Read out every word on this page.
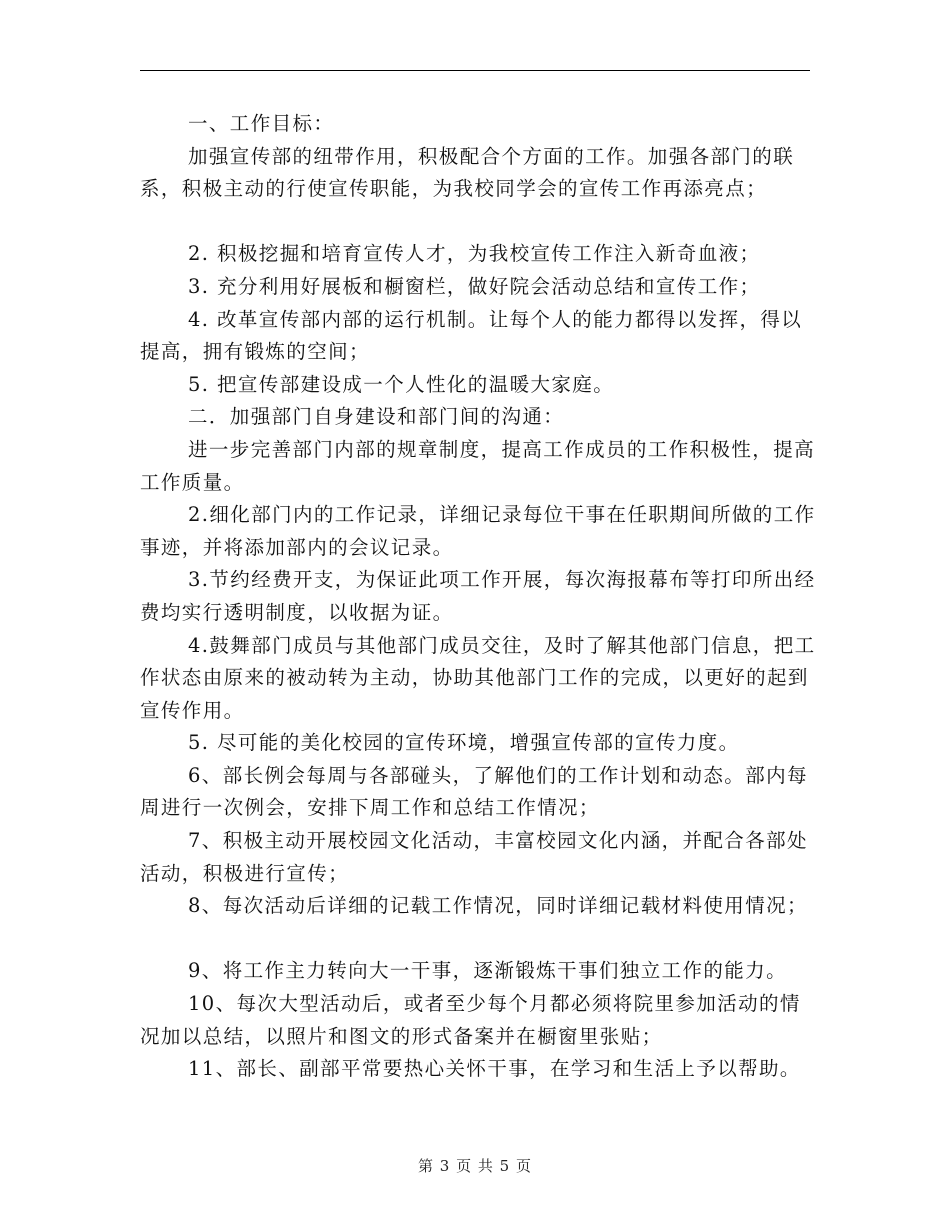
一、工作目标：

加强宣传部的纽带作用，积极配合个方面的工作。加强各部门的联系，积极主动的行使宣传职能，为我校同学会的宣传工作再添亮点；

2. 积极挖掘和培育宣传人才，为我校宣传工作注入新奇血液；

3. 充分利用好展板和橱窗栏，做好院会活动总结和宣传工作；

4. 改革宣传部内部的运行机制。让每个人的能力都得以发挥，得以提高，拥有锻炼的空间；

5. 把宣传部建设成一个人性化的温暖大家庭。

二．加强部门自身建设和部门间的沟通：

进一步完善部门内部的规章制度，提高工作成员的工作积极性，提高工作质量。

2.细化部门内的工作记录，详细记录每位干事在任职期间所做的工作事迹，并将添加部内的会议记录。

3.节约经费开支，为保证此项工作开展，每次海报幕布等打印所出经费均实行透明制度，以收据为证。

4.鼓舞部门成员与其他部门成员交往，及时了解其他部门信息，把工作状态由原来的被动转为主动，协助其他部门工作的完成，以更好的起到宣传作用。

5. 尽可能的美化校园的宣传环境，增强宣传部的宣传力度。

6、部长例会每周与各部碰头，了解他们的工作计划和动态。部内每周进行一次例会，安排下周工作和总结工作情况；

7、积极主动开展校园文化活动，丰富校园文化内涵，并配合各部处活动，积极进行宣传；

8、每次活动后详细的记载工作情况，同时详细记载材料使用情况；

9、将工作主力转向大一干事，逐渐锻炼干事们独立工作的能力。

10、每次大型活动后，或者至少每个月都必须将院里参加活动的情况加以总结，以照片和图文的形式备案并在橱窗里张贴；

11、部长、副部平常要热心关怀干事，在学习和生活上予以帮助。

第 3 页 共 5 页
